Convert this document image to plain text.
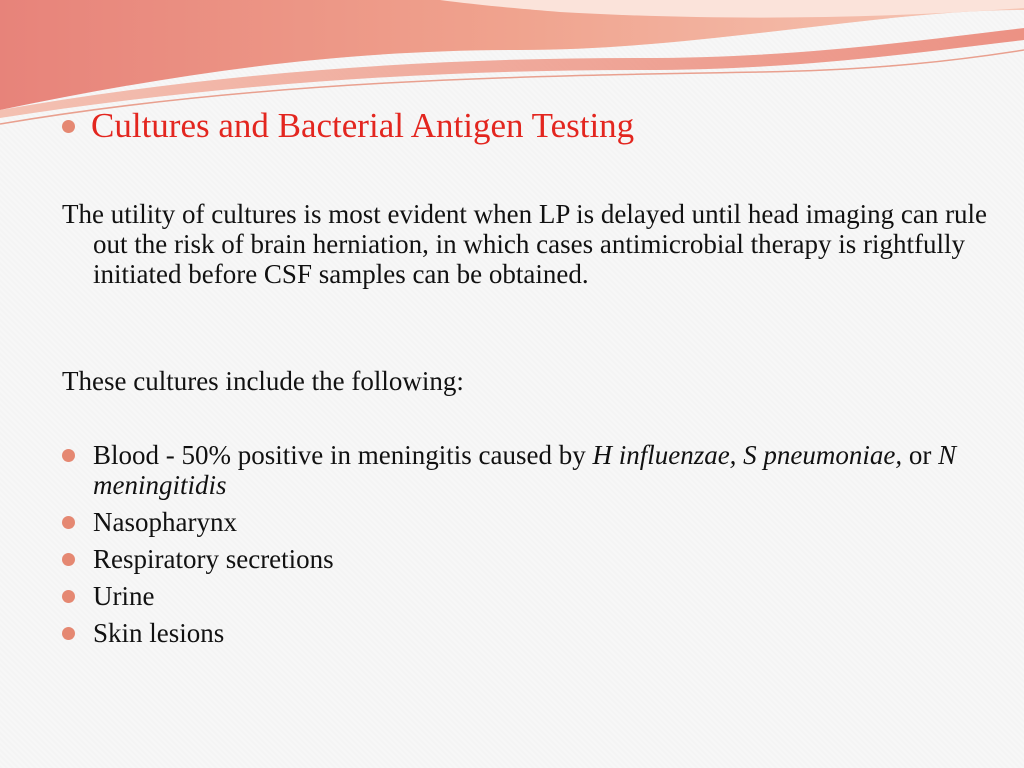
Cultures and Bacterial Antigen Testing
The utility of cultures is most evident when LP is delayed until head imaging can rule out the risk of brain herniation, in which cases antimicrobial therapy is rightfully initiated before CSF samples can be obtained.
These cultures include the following:
Blood - 50% positive in meningitis caused by H influenzae, S pneumoniae, or N meningitidis
Nasopharynx
Respiratory secretions
Urine
Skin lesions
